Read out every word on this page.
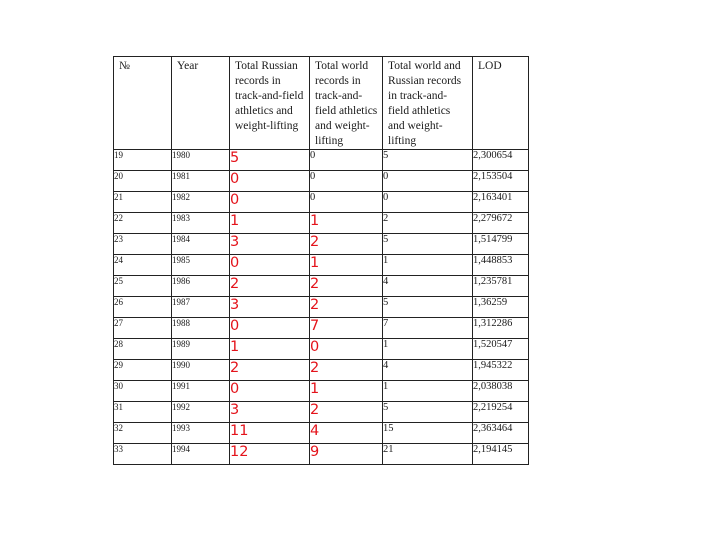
№	Year	Total Russian records in track-and-field athletics and weight-lifting	Total world records in track-and-field athletics and weight-lifting	Total world and Russian records in track-and-field athletics and weight-lifting	LOD
19	1980	5	0	5	2,300654
20	1981	0	0	0	2,153504
21	1982	0	0	0	2,163401
22	1983	1	1	2	2,279672
23	1984	3	2	5	1,514799
24	1985	0	1	1	1,448853
25	1986	2	2	4	1,235781
26	1987	3	2	5	1,36259
27	1988	0	7	7	1,312286
28	1989	1	0	1	1,520547
29	1990	2	2	4	1,945322
30	1991	0	1	1	2,038038
31	1992	3	2	5	2,219254
32	1993	11	4	15	2,363464
33	1994	12	9	21	2,194145
